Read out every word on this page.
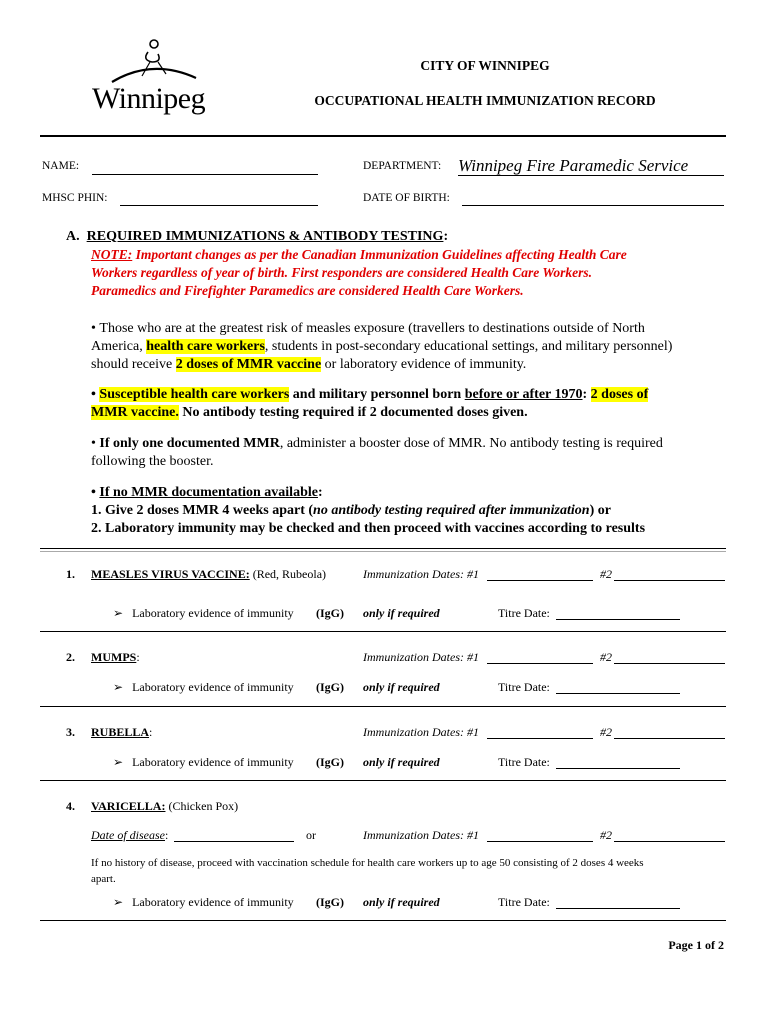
Winnipeg
CITY OF WINNIPEG
OCCUPATIONAL HEALTH IMMUNIZATION RECORD
NAME:	DEPARTMENT: Winnipeg Fire Paramedic Service
MHSC PHIN:	DATE OF BIRTH:
A. REQUIRED IMMUNIZATIONS & ANTIBODY TESTING:
NOTE: Important changes as per the Canadian Immunization Guidelines affecting Health Care
Workers regardless of year of birth. First responders are considered Health Care Workers.
Paramedics and Firefighter Paramedics are considered Health Care Workers.
• Those who are at the greatest risk of measles exposure (travellers to destinations outside of North
America, health care workers, students in post-secondary educational settings, and military personnel)
should receive 2 doses of MMR vaccine or laboratory evidence of immunity.
• Susceptible health care workers and military personnel born before or after 1970: 2 doses of
MMR vaccine. No antibody testing required if 2 documented doses given.
• If only one documented MMR, administer a booster dose of MMR. No antibody testing is required
following the booster.
• If no MMR documentation available:
1. Give 2 doses MMR 4 weeks apart (no antibody testing required after immunization) or
2. Laboratory immunity may be checked and then proceed with vaccines according to results
1. MEASLES VIRUS VACCINE: (Red, Rubeola)	Immunization Dates: #1	#2
➢ Laboratory evidence of immunity (IgG) only if required	Titre Date:
2. MUMPS:	Immunization Dates: #1	#2
➢ Laboratory evidence of immunity (IgG) only if required	Titre Date:
3. RUBELLA:	Immunization Dates: #1	#2
➢ Laboratory evidence of immunity (IgG) only if required	Titre Date:
4. VARICELLA: (Chicken Pox)
Date of disease:	or	Immunization Dates: #1	#2
If no history of disease, proceed with vaccination schedule for health care workers up to age 50 consisting of 2 doses 4 weeks
apart.
➢ Laboratory evidence of immunity (IgG) only if required	Titre Date:
Page 1 of 2
